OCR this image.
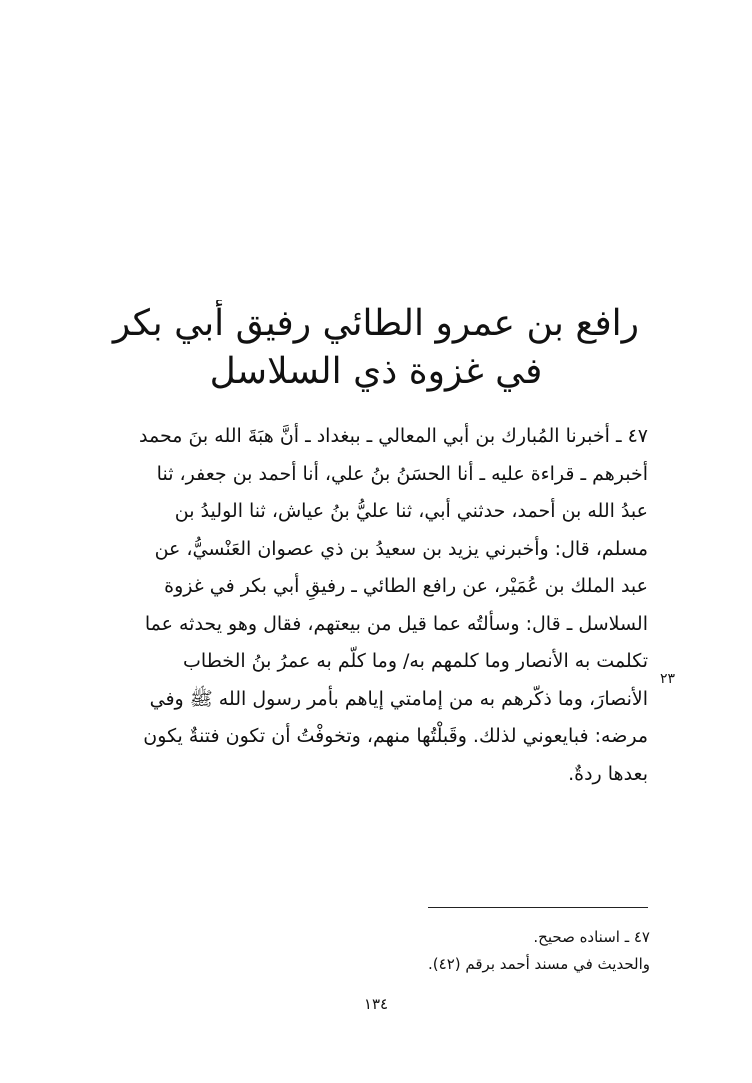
رافع بن عمرو الطائي رفيق أبي بكر
في غزوة ذي السلاسل
٤٧ ـ أخبرنا المُبارك بن أبي المعالي ـ ببغداد ـ أنَّ هبَةَ الله بنَ محمد
أخبرهم ـ قراءة عليه ـ أنا الحسَنُ بنُ علي، أنا أحمد بن جعفر، ثنا
عبدُ الله بن أحمد، حدثني أبي، ثنا عليُّ بنُ عياش، ثنا الوليدُ بن
مسلم، قال: وأخبرني يزيد بن سعيدُ بن ذي عصوان العَنْسيُّ، عن
عبد الملك بن عُمَيْر، عن رافع الطائي ـ رفيقِ أبي بكر في غزوة
السلاسل ـ قال: وسألتُه عما قيل من بيعتهم، فقال وهو يحدثه عما
تكلمت به الأنصار وما كلمهم به/ وما كلّم به عمرُ بنُ الخطاب
الأنصارَ، وما ذكّرهم به من إمامتي إياهم بأمر رسول الله ﷺ وفي
مرضه: فبايعوني لذلك. وقَبلْتُها منهم، وتخوفْتُ أن تكون فتنةٌ يكون
بعدها ردةٌ.
٢٣
٤٧ ـ اسناده صحيح.
والحديث في مسند أحمد برقم (٤٢).
١٣٤
